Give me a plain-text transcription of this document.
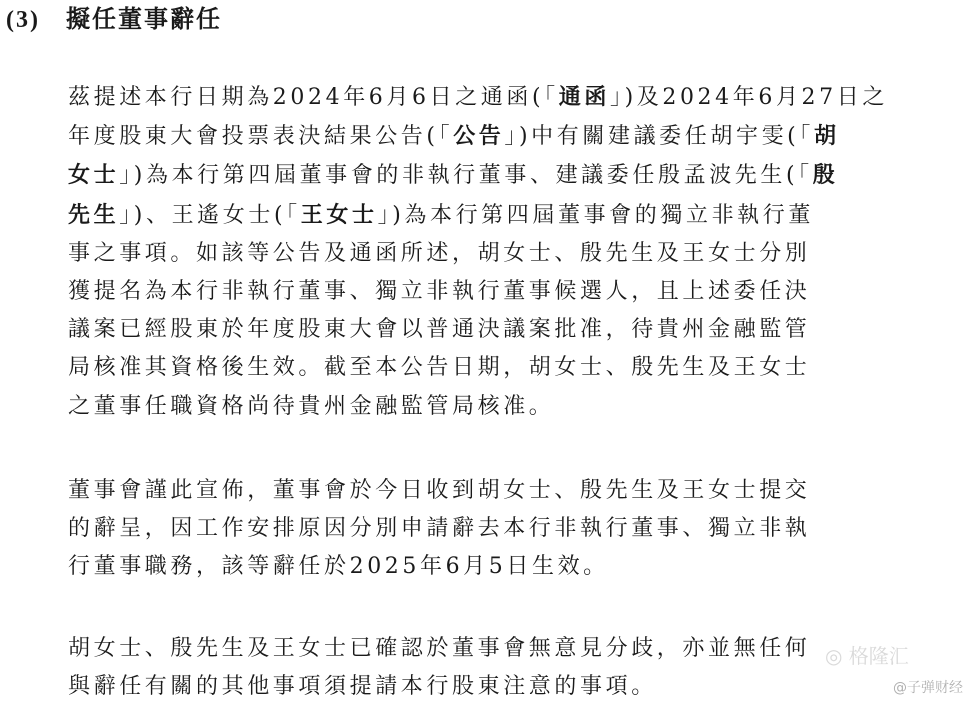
(3) 擬任董事辭任
茲提述本行日期為2024年6月6日之通函(「通函」)及2024年6月27日之
年度股東大會投票表決結果公告(「公告」)中有關建議委任胡宇雯(「胡
女士」)為本行第四屆董事會的非執行董事、建議委任殷孟波先生(「殷
先生」)、王遙女士(「王女士」)為本行第四屆董事會的獨立非執行董
事之事項。如該等公告及通函所述，胡女士、殷先生及王女士分別
獲提名為本行非執行董事、獨立非執行董事候選人，且上述委任決
議案已經股東於年度股東大會以普通決議案批准，待貴州金融監管
局核准其資格後生效。截至本公告日期，胡女士、殷先生及王女士
之董事任職資格尚待貴州金融監管局核准。
董事會謹此宣佈，董事會於今日收到胡女士、殷先生及王女士提交
的辭呈，因工作安排原因分別申請辭去本行非執行董事、獨立非執
行董事職務，該等辭任於2025年6月5日生效。
胡女士、殷先生及王女士已確認於董事會無意見分歧，亦並無任何
與辭任有關的其他事項須提請本行股東注意的事項。
◎ 格隆汇
@子弹财经
